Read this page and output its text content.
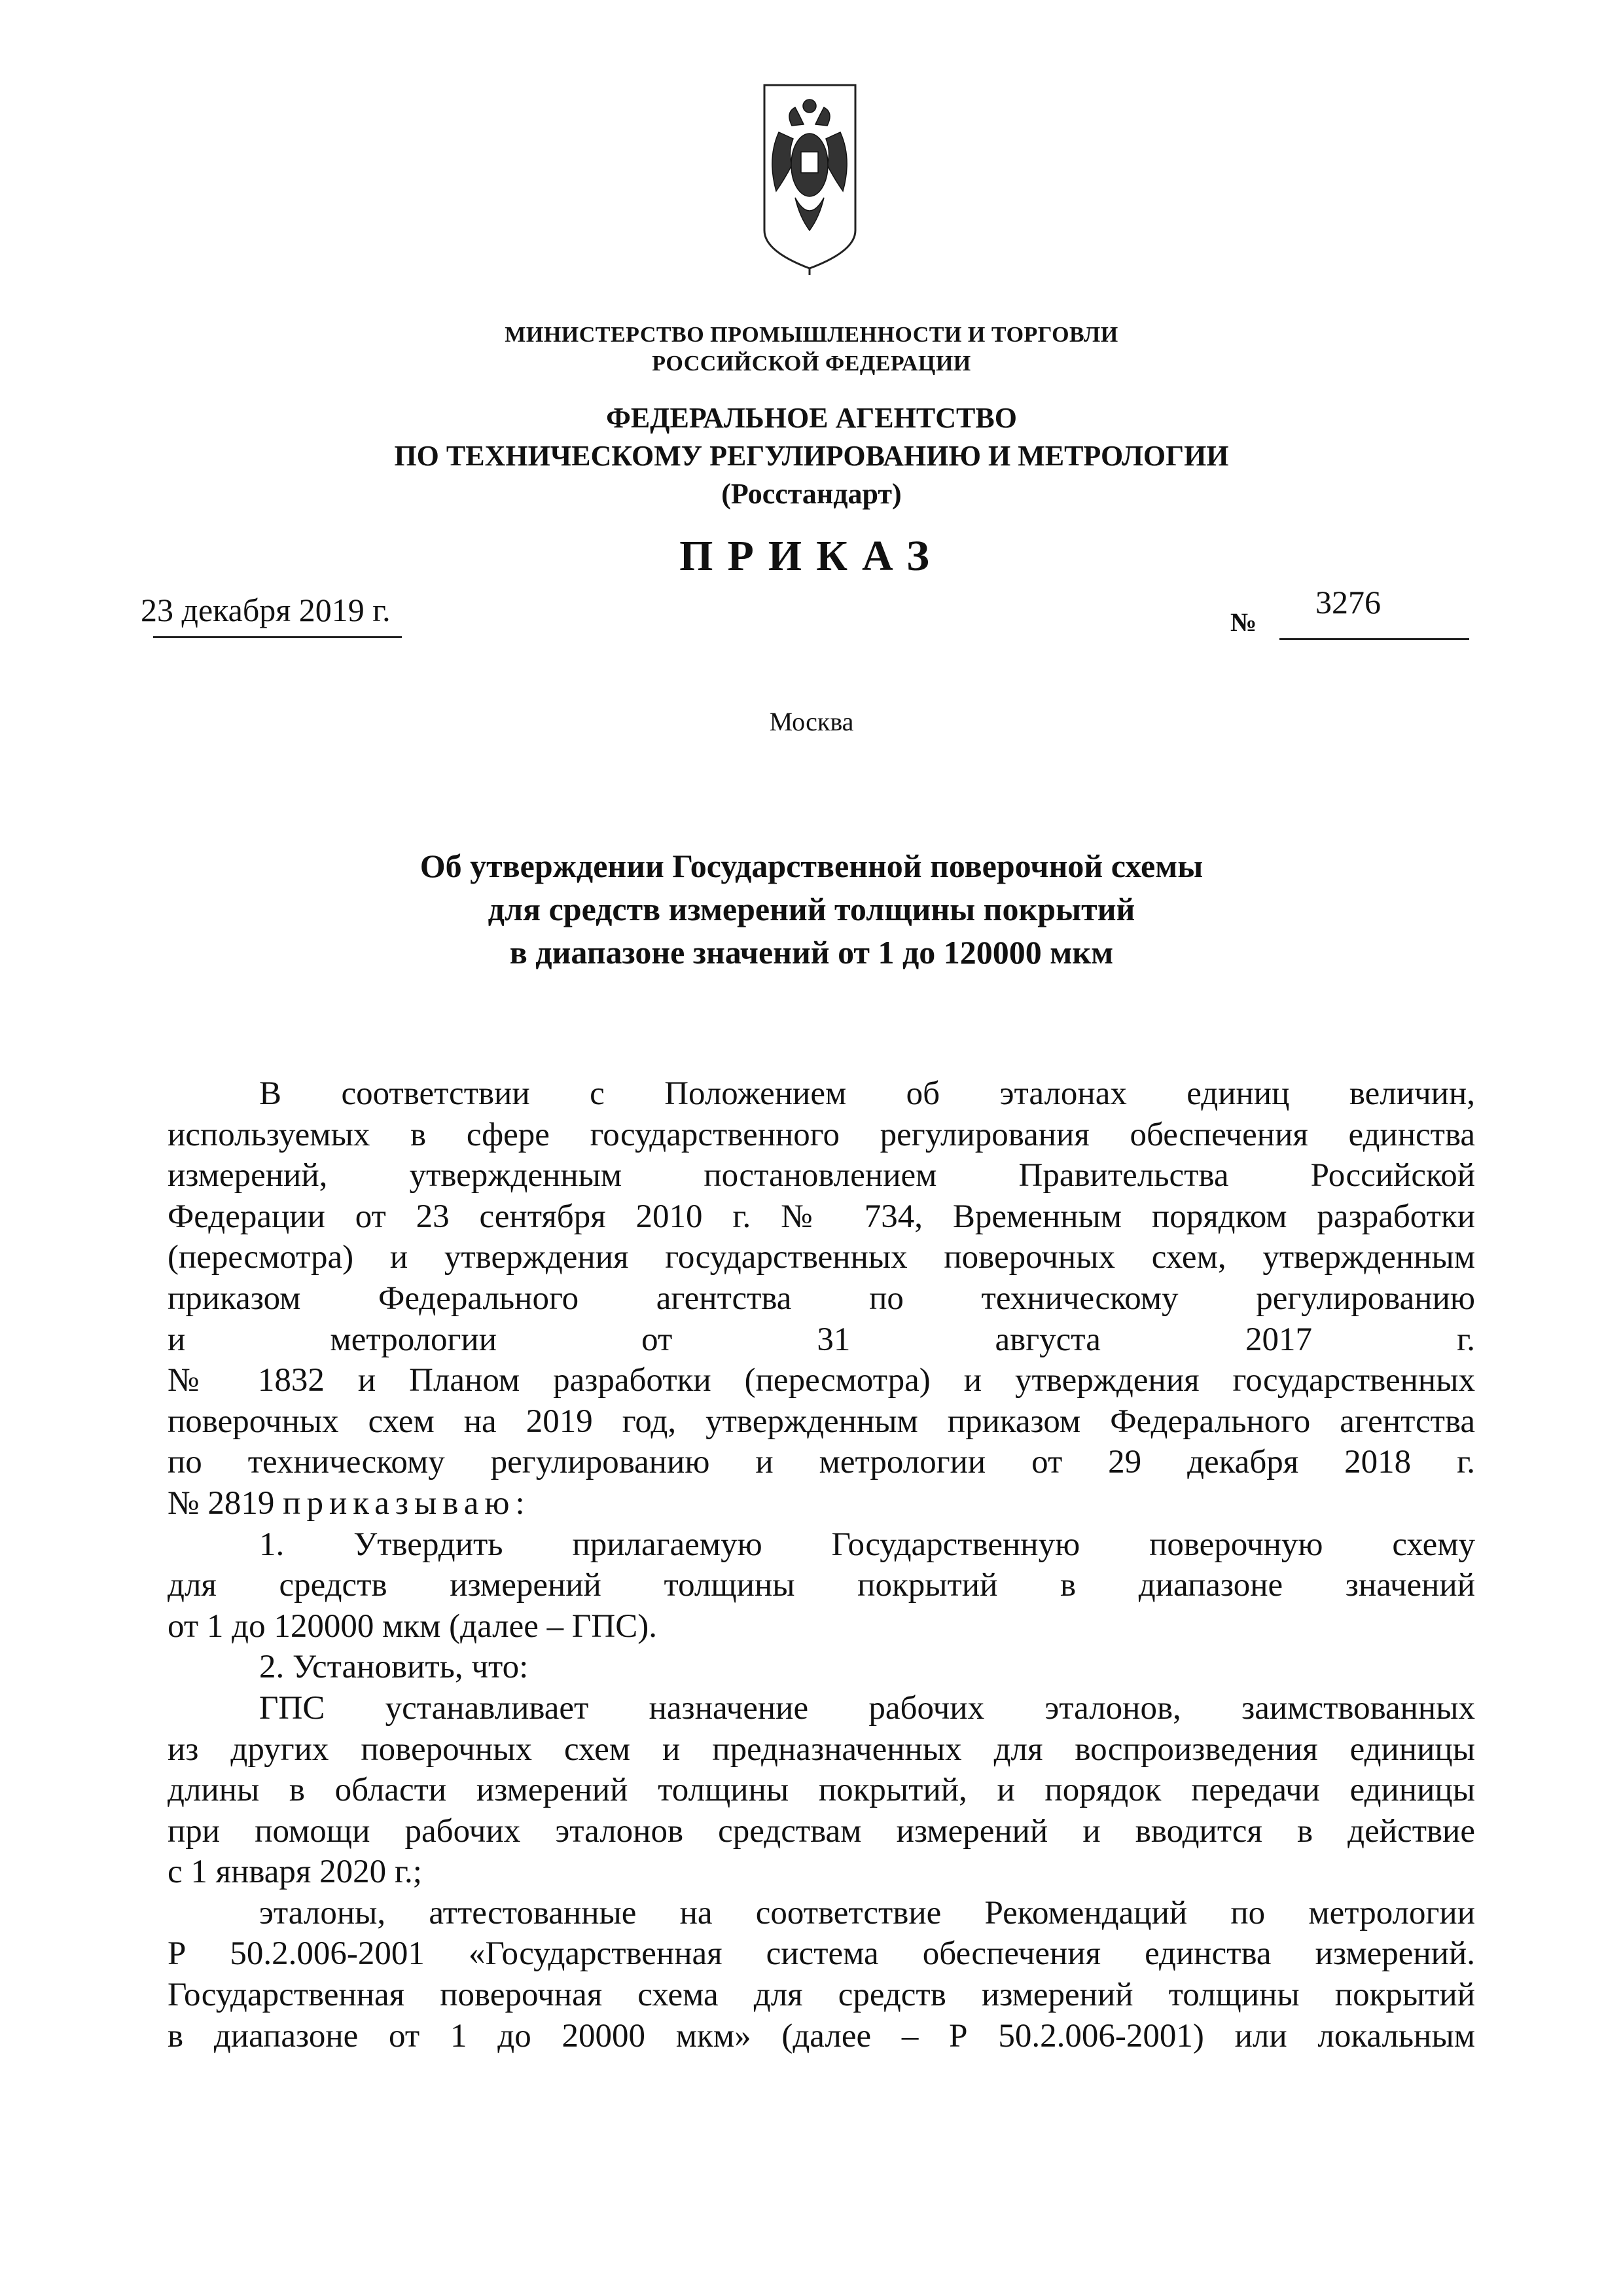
МИНИСТЕРСТВО ПРОМЫШЛЕННОСТИ И ТОРГОВЛИ
РОССИЙСКОЙ ФЕДЕРАЦИИ
ФЕДЕРАЛЬНОЕ АГЕНТСТВО
ПО ТЕХНИЧЕСКОМУ РЕГУЛИРОВАНИЮ И МЕТРОЛОГИИ
(Росстандарт)
ПРИКАЗ
23 декабря 2019 г.	№
3276
Москва
Об утверждении Государственной поверочной схемы
для средств измерений толщины покрытий
в диапазоне значений от 1 до 120000 мкм

В соответствии с Положением об эталонах единиц величин,
используемых в сфере государственного регулирования обеспечения единства
измерений, утвержденным постановлением Правительства Российской
Федерации от 23 сентября 2010 г. № 734, Временным порядком разработки
(пересмотра) и утверждения государственных поверочных схем, утвержденным
приказом Федерального агентства по техническому регулированию
и метрологии от 31 августа 2017 г.
№ 1832 и Планом разработки (пересмотра) и утверждения государственных
поверочных схем на 2019 год, утвержденным приказом Федерального агентства
по техническому регулированию и метрологии от 29 декабря 2018 г.
№ 2819 приказываю:

1. Утвердить прилагаемую Государственную поверочную схему
для средств измерений толщины покрытий в диапазоне значений
от 1 до 120000 мкм (далее – ГПС).

2. Установить, что:

ГПС устанавливает назначение рабочих эталонов, заимствованных
из других поверочных схем и предназначенных для воспроизведения единицы
длины в области измерений толщины покрытий, и порядок передачи единицы
при помощи рабочих эталонов средствам измерений и вводится в действие
с 1 января 2020 г.;

эталоны, аттестованные на соответствие Рекомендаций по метрологии
Р 50.2.006-2001 «Государственная система обеспечения единства измерений.
Государственная поверочная схема для средств измерений толщины покрытий
в диапазоне от 1 до 20000 мкм» (далее – Р 50.2.006-2001) или локальным
